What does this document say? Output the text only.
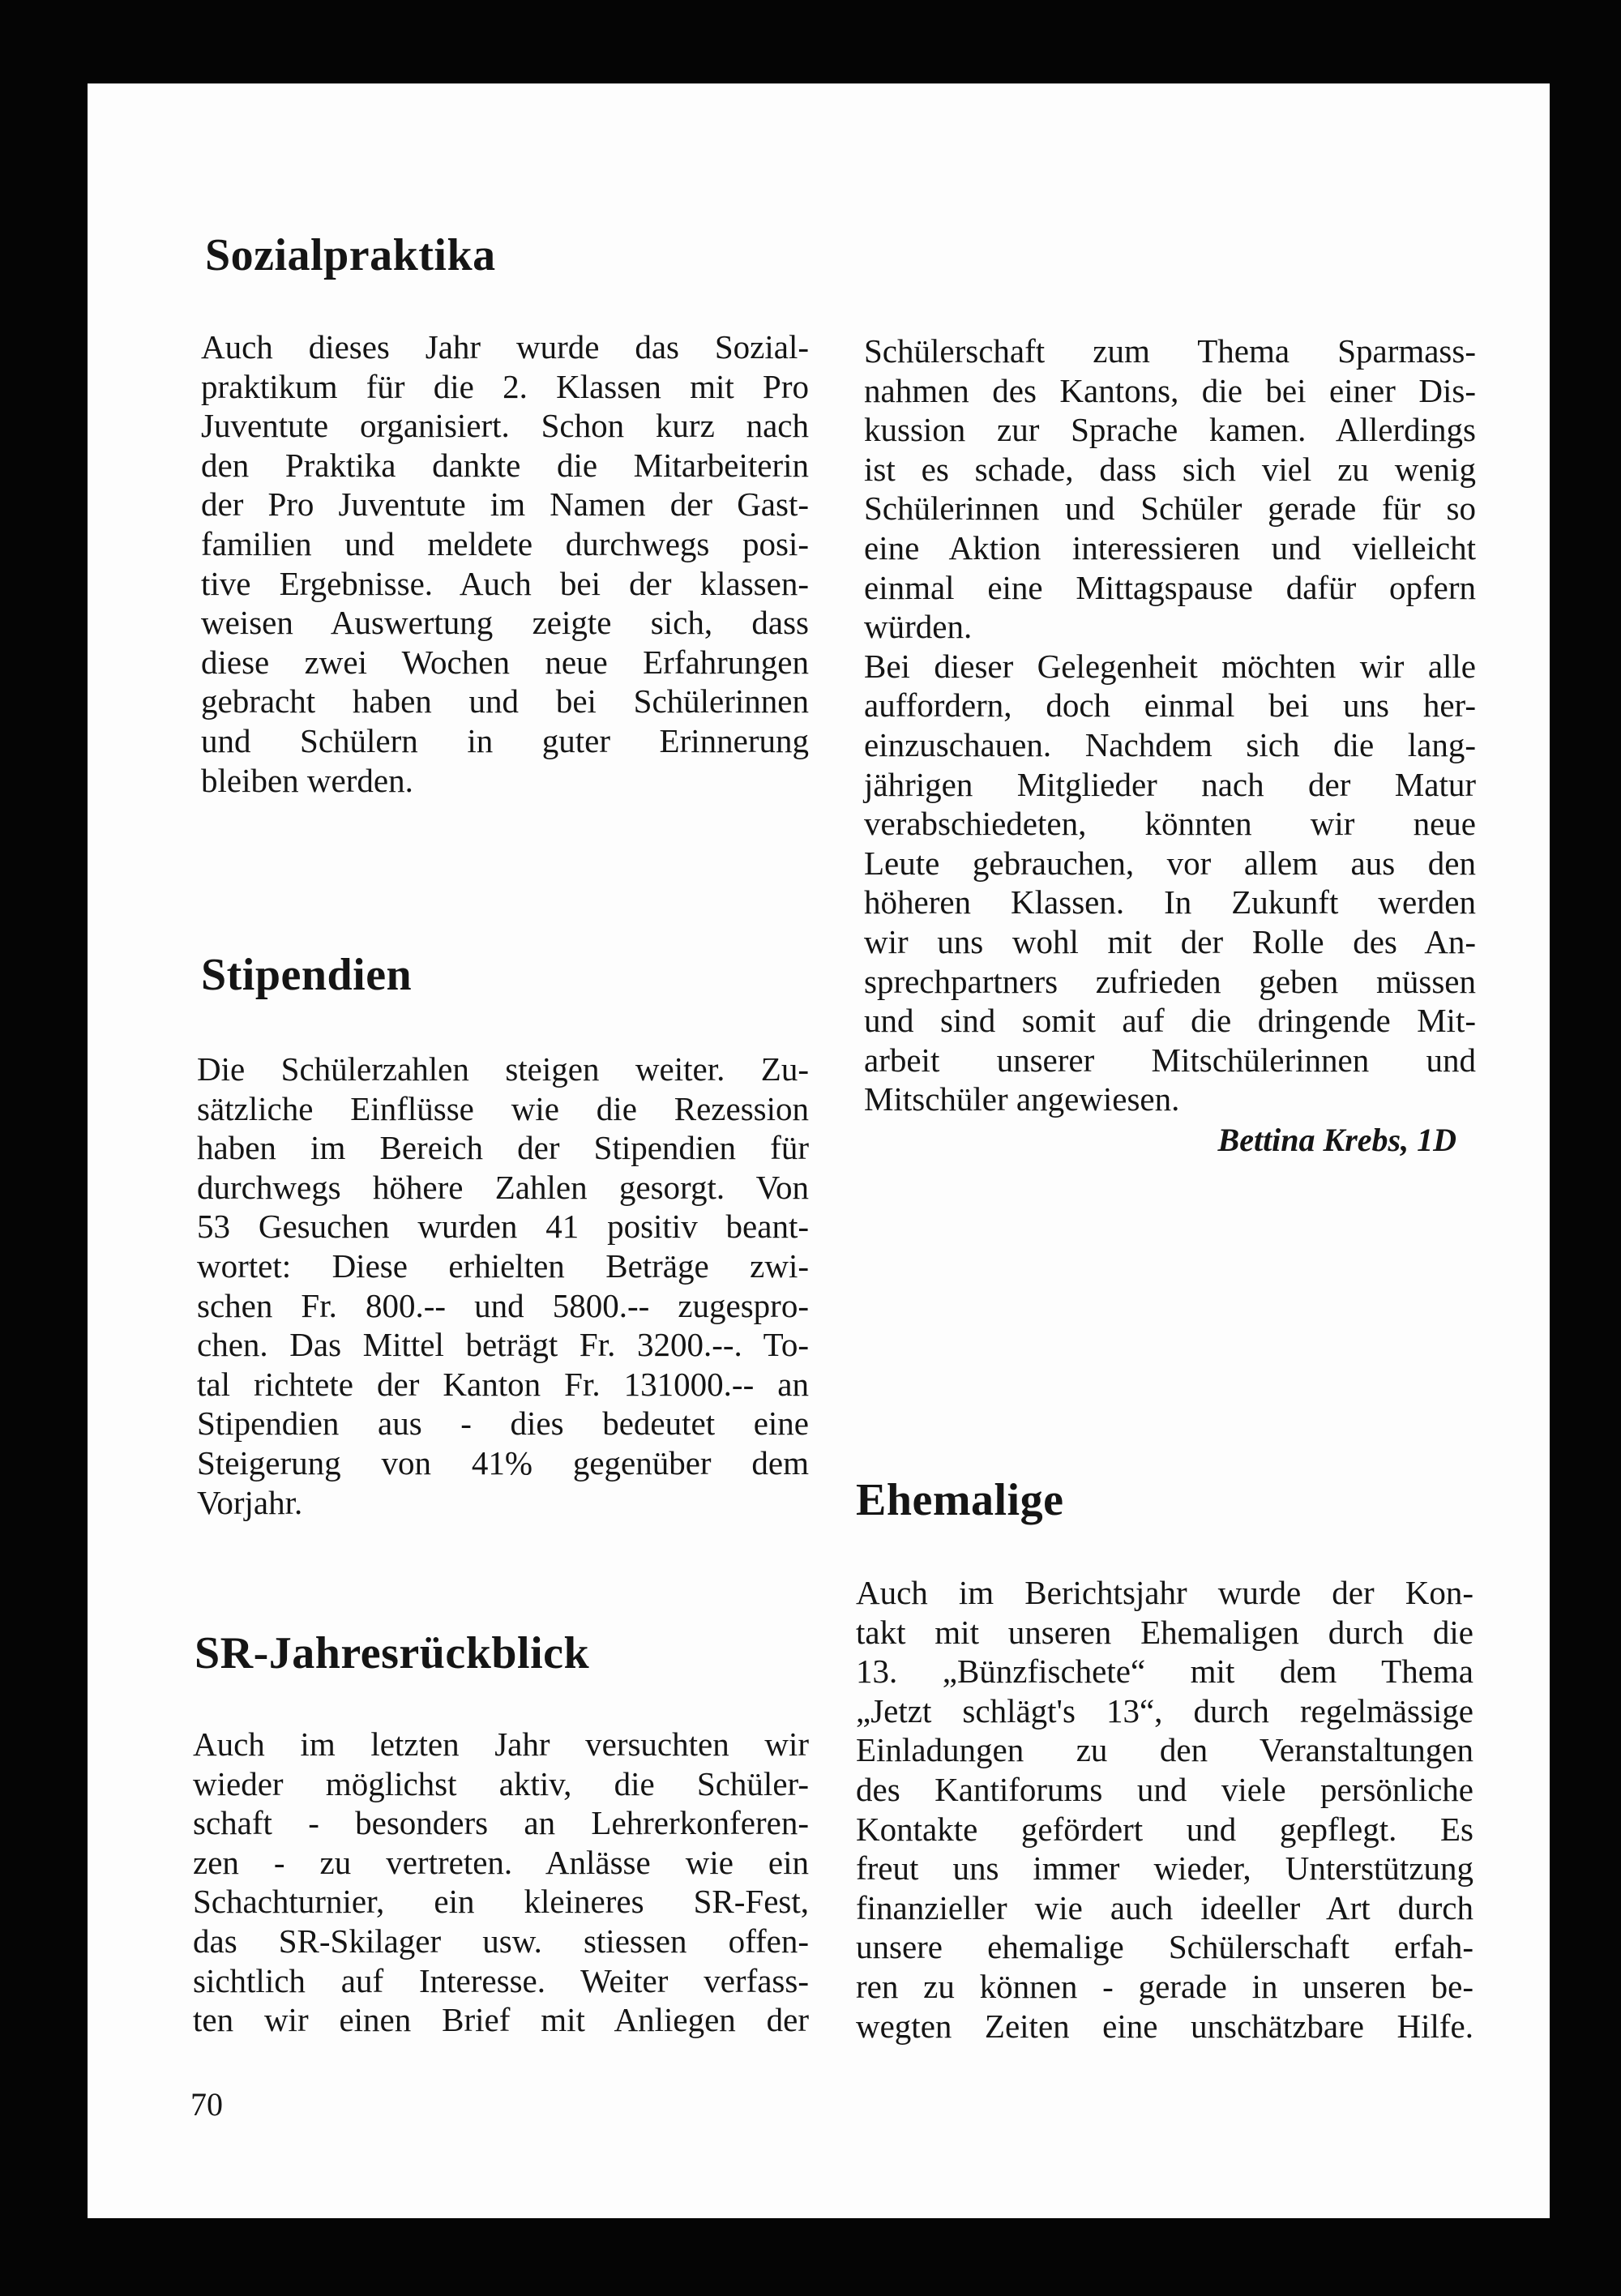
Sozialpraktika
Auch dieses Jahr wurde das Sozial-
praktikum für die 2. Klassen mit Pro
Juventute organisiert. Schon kurz nach
den Praktika dankte die Mitarbeiterin
der Pro Juventute im Namen der Gast-
familien und meldete durchwegs posi-
tive Ergebnisse. Auch bei der klassen-
weisen Auswertung zeigte sich, dass
diese zwei Wochen neue Erfahrungen
gebracht haben und bei Schülerinnen
und Schülern in guter Erinnerung
bleiben werden.
Stipendien
Die Schülerzahlen steigen weiter. Zu-
sätzliche Einflüsse wie die Rezession
haben im Bereich der Stipendien für
durchwegs höhere Zahlen gesorgt. Von
53 Gesuchen wurden 41 positiv beant-
wortet: Diese erhielten Beträge zwi-
schen Fr. 800.-- und 5800.-- zugespro-
chen. Das Mittel beträgt Fr. 3200.--. To-
tal richtete der Kanton Fr. 131000.-- an
Stipendien aus - dies bedeutet eine
Steigerung von 41% gegenüber dem
Vorjahr.
SR-Jahresrückblick
Auch im letzten Jahr versuchten wir
wieder möglichst aktiv, die Schüler-
schaft - besonders an Lehrerkonferen-
zen - zu vertreten. Anlässe wie ein
Schachturnier, ein kleineres SR-Fest,
das SR-Skilager usw. stiessen offen-
sichtlich auf Interesse. Weiter verfass-
ten wir einen Brief mit Anliegen der
Schülerschaft zum Thema Sparmass-
nahmen des Kantons, die bei einer Dis-
kussion zur Sprache kamen. Allerdings
ist es schade, dass sich viel zu wenig
Schülerinnen und Schüler gerade für so
eine Aktion interessieren und vielleicht
einmal eine Mittagspause dafür opfern
würden.
Bei dieser Gelegenheit möchten wir alle
auffordern, doch einmal bei uns her-
einzuschauen. Nachdem sich die lang-
jährigen Mitglieder nach der Matur
verabschiedeten, könnten wir neue
Leute gebrauchen, vor allem aus den
höheren Klassen. In Zukunft werden
wir uns wohl mit der Rolle des An-
sprechpartners zufrieden geben müssen
und sind somit auf die dringende Mit-
arbeit unserer Mitschülerinnen und
Mitschüler angewiesen.
Bettina Krebs, 1D
Ehemalige
Auch im Berichtsjahr wurde der Kon-
takt mit unseren Ehemaligen durch die
13. „Bünzfischete“ mit dem Thema
„Jetzt schlägt's 13“, durch regelmässige
Einladungen zu den Veranstaltungen
des Kantiforums und viele persönliche
Kontakte gefördert und gepflegt. Es
freut uns immer wieder, Unterstützung
finanzieller wie auch ideeller Art durch
unsere ehemalige Schülerschaft erfah-
ren zu können - gerade in unseren be-
wegten Zeiten eine unschätzbare Hilfe.
70
